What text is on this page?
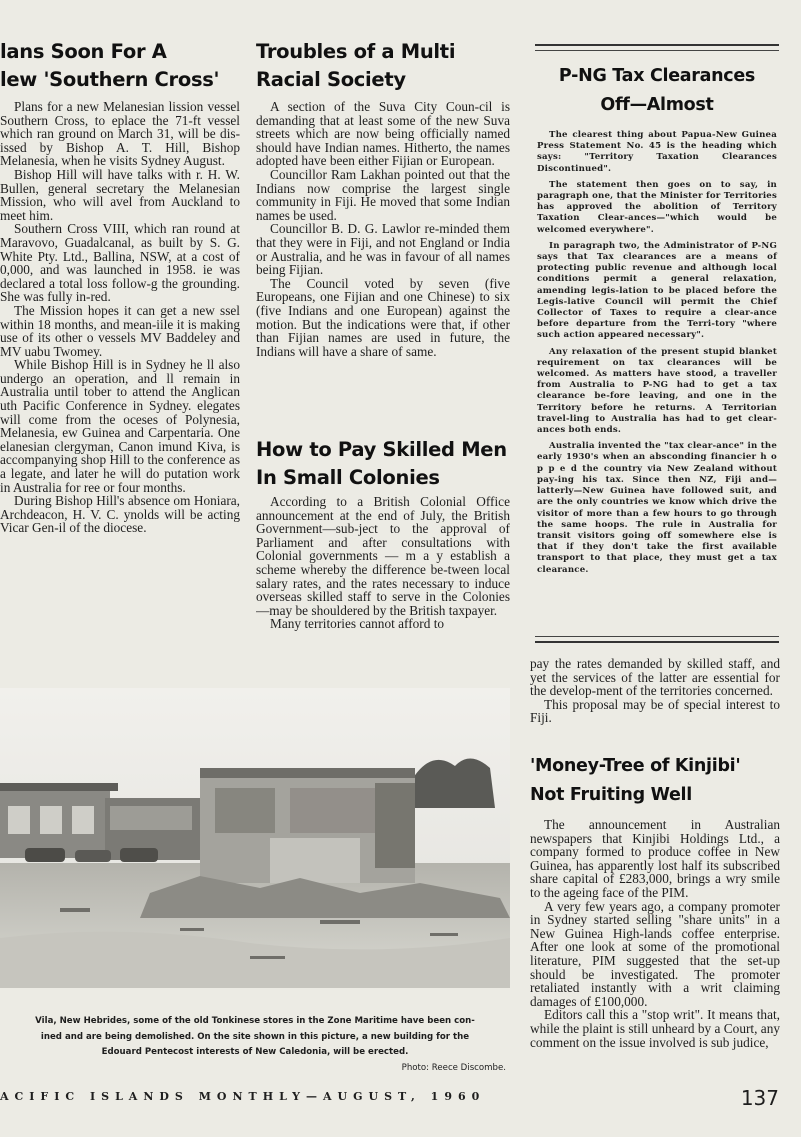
lans Soon For A
lew 'Southern Cross'

Plans for a new Melanesian lission vessel Southern Cross, to eplace the 71-ft vessel which ran ground on March 31, will be dis-issed by Bishop A. T. Hill, Bishop Melanesia, when he visits Sydney August.

Bishop Hill will have talks with r. H. W. Bullen, general secretary the Melanesian Mission, who will avel from Auckland to meet him.

Southern Cross VIII, which ran round at Maravovo, Guadalcanal, as built by S. G. White Pty. Ltd., Ballina, NSW, at a cost of 0,000, and was launched in 1958. ie was declared a total loss follow-g the grounding. She was fully in-red.

The Mission hopes it can get a new ssel within 18 months, and mean-iile it is making use of its other o vessels MV Baddeley and MV uabu Twomey.

While Bishop Hill is in Sydney he ll also undergo an operation, and ll remain in Australia until tober to attend the Anglican uth Pacific Conference in Sydney. elegates will come from the oceses of Polynesia, Melanesia, ew Guinea and Carpentaria. One elanesian clergyman, Canon imund Kiva, is accompanying shop Hill to the conference as a legate, and later he will do putation work in Australia for ree or four months.

During Bishop Hill's absence om Honiara, Archdeacon, H. V. C. ynolds will be acting Vicar Gen-il of the diocese.

Troubles of a Multi
Racial Society

A section of the Suva City Coun-cil is demanding that at least some of the new Suva streets which are now being officially named should have Indian names. Hitherto, the names adopted have been either Fijian or European.

Councillor Ram Lakhan pointed out that the Indians now comprise the largest single community in Fiji. He moved that some Indian names be used.

Councillor B. D. G. Lawlor re-minded them that they were in Fiji, and not England or India or Australia, and he was in favour of all names being Fijian.

The Council voted by seven (five Europeans, one Fijian and one Chinese) to six (five Indians and one European) against the motion. But the indications were that, if other than Fijian names are used in future, the Indians will have a share of same.

How to Pay Skilled Men
In Small Colonies

According to a British Colonial Office announcement at the end of July, the British Government—sub-ject to the approval of Parliament and after consultations with Colonial governments — m a y establish a scheme whereby the difference be-tween local salary rates, and the rates necessary to induce overseas skilled staff to serve in the Colonies —may be shouldered by the British taxpayer.

Many territories cannot afford to

P-NG Tax Clearances
Off—Almost

The clearest thing about Papua-New Guinea Press Statement No. 45 is the heading which says: "Territory Taxation Clearances Discontinued".

The statement then goes on to say, in paragraph one, that the Minister for Territories has approved the abolition of Territory Taxation Clear-ances—"which would be welcomed everywhere".

In paragraph two, the Administrator of P-NG says that Tax clearances are a means of protecting public revenue and although local conditions permit a general relaxation, amending legis-lation to be placed before the Legis-lative Council will permit the Chief Collector of Taxes to require a clear-ance before departure from the Terri-tory "where such action appeared necessary".

Any relaxation of the present stupid blanket requirement on tax clearances will be welcomed. As matters have stood, a traveller from Australia to P-NG had to get a tax clearance be-fore leaving, and one in the Territory before he returns. A Territorian travel-ling to Australia has had to get clear-ances both ends.

Australia invented the "tax clear-ance" in the early 1930's when an absconding financier h o p p e d the country via New Zealand without pay-ing his tax. Since then NZ, Fiji and—latterly—New Guinea have followed suit, and are the only countries we know which drive the visitor of more than a few hours to go through the same hoops. The rule in Australia for transit visitors going off somewhere else is that if they don't take the first available transport to that place, they must get a tax clearance.

pay the rates demanded by skilled staff, and yet the services of the latter are essential for the develop-ment of the territories concerned.

This proposal may be of special interest to Fiji.

'Money-Tree of Kinjibi'
Not Fruiting Well

The announcement in Australian newspapers that Kinjibi Holdings Ltd., a company formed to produce coffee in New Guinea, has apparently lost half its subscribed share capital of £283,000, brings a wry smile to the ageing face of the PIM.

A very few years ago, a company promoter in Sydney started selling "share units" in a New Guinea High-lands coffee enterprise. After one look at some of the promotional literature, PIM suggested that the set-up should be investigated. The promoter retaliated instantly with a writ claiming damages of £100,000.

Editors call this a "stop writ". It means that, while the plaint is still unheard by a Court, any comment on the issue involved is sub judice,

Vila, New Hebrides, some of the old Tonkinese stores in the Zone Maritime have been con-
ined and are being demolished. On the site shown in this picture, a new building for the
Edouard Pentecost interests of New Caledonia, will be erected.
Photo: Reece Discombe.
ACIFIC ISLANDS MONTHLY—AUGUST, 1960	137
